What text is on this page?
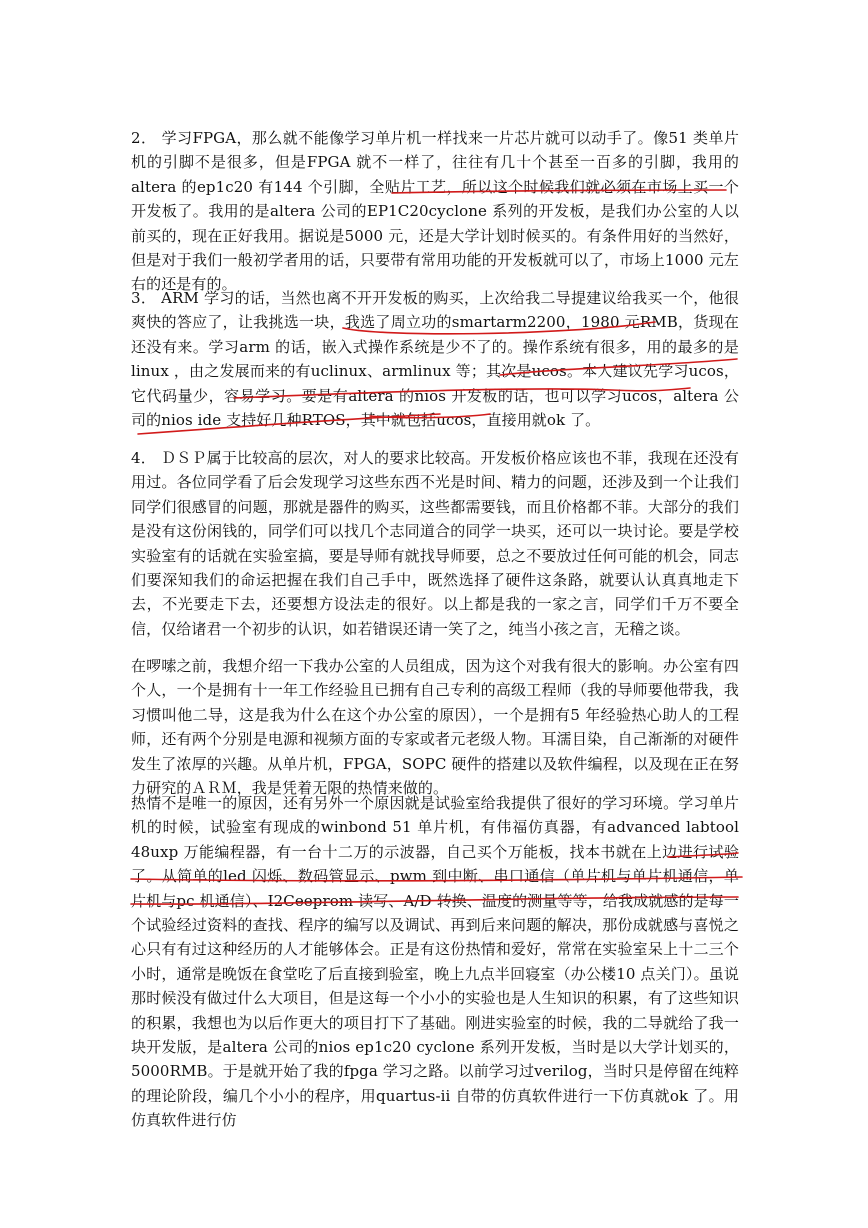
2． 学习FPGA，那么就不能像学习单片机一样找来一片芯片就可以动手了。像51 类单片机的引脚不是很多，但是FPGA 就不一样了，往往有几十个甚至一百多的引脚，我用的altera 的ep1c20 有144 个引脚，全贴片工艺，所以这个时候我们就必须在市场上买一个开发板了。我用的是altera 公司的EP1C20cyclone 系列的开发板，是我们办公室的人以前买的，现在正好我用。据说是5000 元，还是大学计划时候买的。有条件用好的当然好，但是对于我们一般初学者用的话，只要带有常用功能的开发板就可以了，市场上1000 元左右的还是有的。

3． ARM 学习的话，当然也离不开开发板的购买，上次给我二导提建议给我买一个，他很爽快的答应了，让我挑选一块，我选了周立功的smartarm2200，1980 元RMB，货现在还没有来。学习arm 的话，嵌入式操作系统是少不了的。操作系统有很多，用的最多的是linux ，由之发展而来的有uclinux、armlinux 等；其次是ucos。本人建议先学习ucos，它代码量少，容易学习。要是有altera 的nios 开发板的话，也可以学习ucos，altera 公司的nios ide 支持好几种RTOS，其中就包括ucos，直接用就ok 了。

4． ＤＳＰ属于比较高的层次，对人的要求比较高。开发板价格应该也不菲，我现在还没有用过。各位同学看了后会发现学习这些东西不光是时间、精力的问题，还涉及到一个让我们同学们很感冒的问题，那就是器件的购买，这些都需要钱，而且价格都不菲。大部分的我们是没有这份闲钱的，同学们可以找几个志同道合的同学一块买，还可以一块讨论。要是学校实验室有的话就在实验室搞，要是导师有就找导师要，总之不要放过任何可能的机会，同志们要深知我们的命运把握在我们自己手中，既然选择了硬件这条路，就要认认真真地走下去，不光要走下去，还要想方设法走的很好。以上都是我的一家之言，同学们千万不要全信，仅给诸君一个初步的认识，如若错误还请一笑了之，纯当小孩之言，无稽之谈。

在啰嗦之前，我想介绍一下我办公室的人员组成，因为这个对我有很大的影响。办公室有四个人，一个是拥有十一年工作经验且已拥有自己专利的高级工程师（我的导师要他带我，我习惯叫他二导，这是我为什么在这个办公室的原因），一个是拥有5 年经验热心助人的工程师，还有两个分别是电源和视频方面的专家或者元老级人物。耳濡目染，自己渐渐的对硬件发生了浓厚的兴趣。从单片机，FPGA，SOPC 硬件的搭建以及软件编程，以及现在正在努力研究的ＡＲＭ，我是凭着无限的热情来做的。

热情不是唯一的原因，还有另外一个原因就是试验室给我提供了很好的学习环境。学习单片机的时候，试验室有现成的winbond 51 单片机，有伟福仿真器，有advanced labtool 48uxp 万能编程器，有一台十二万的示波器，自己买个万能板，找本书就在上边进行试验了。从简单的led 闪烁、数码管显示、pwm 到中断、串口通信（单片机与单片机通信，单片机与pc 机通信）、I2Ceeprom 读写、A/D 转换、温度的测量等等，给我成就感的是每一个试验经过资料的查找、程序的编写以及调试、再到后来问题的解决，那份成就感与喜悦之心只有有过这种经历的人才能够体会。正是有这份热情和爱好，常常在实验室呆上十二三个小时，通常是晚饭在食堂吃了后直接到验室，晚上九点半回寝室（办公楼10 点关门）。虽说那时候没有做过什么大项目，但是这每一个小小的实验也是人生知识的积累，有了这些知识的积累，我想也为以后作更大的项目打下了基础。刚进实验室的时候，我的二导就给了我一块开发版，是altera 公司的nios ep1c20 cyclone 系列开发板，当时是以大学计划买的，5000RMB。于是就开始了我的fpga 学习之路。以前学习过verilog，当时只是停留在纯粹的理论阶段，编几个小小的程序，用quartus-ii 自带的仿真软件进行一下仿真就ok 了。用仿真软件进行仿
